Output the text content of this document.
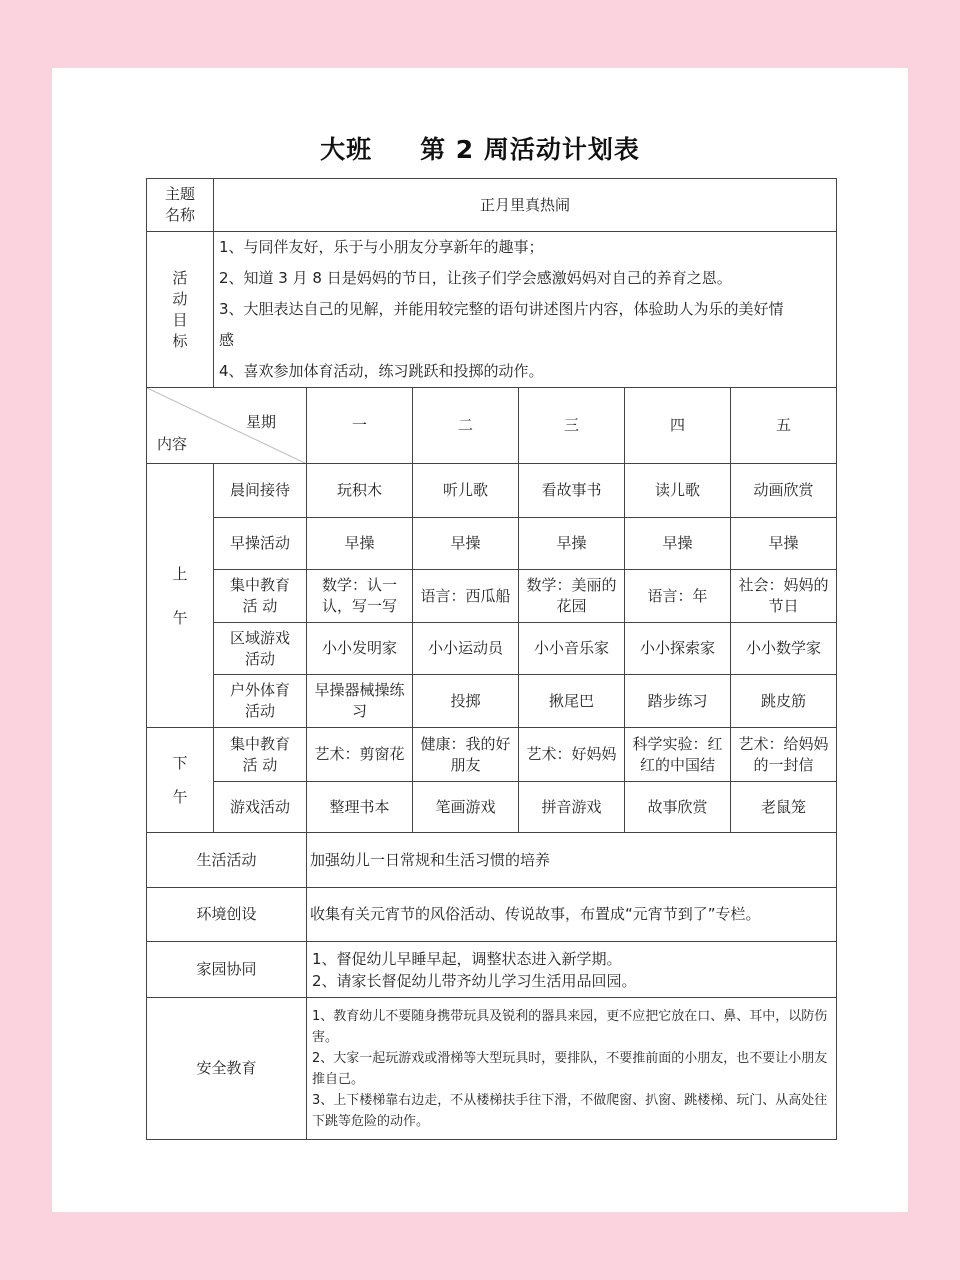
大班 第 2 周活动计划表
主题名称	正月里真热闹					

活动目标	1、与同伴友好，乐于与小朋友分享新年的趣事；
2、知道 3 月 8 日是妈妈的节日，让孩子们学会感激妈妈对自己的养育之恩。
3、大胆表达自己的见解，并能用较完整的语句讲述图片内容，体验助人为乐的美好情
感
4、喜欢参加体育活动，练习跳跃和投掷的动作。					

星期
内容		一	二	三	四	五

上午	晨间接待	玩积木	听儿歌	看故事书	读儿歌	动画欣赏
	早操活动	早操	早操	早操	早操	早操

	集中教育活 动	数学：认一认，写一写	语言：西瓜船	数学：美丽的花园	语言：年	社会：妈妈的节日

	区域游戏活动	小小发明家	小小运动员	小小音乐家	小小探索家	小小数学家

	户外体育活动	早操器械操练习	投掷	揪尾巴	踏步练习	跳皮筋

下午	集中教育活 动	艺术：剪窗花	健康：我的好朋友	艺术：好妈妈	科学实验：红红的中国结	艺术：给妈妈的一封信
	游戏活动	整理书本	笔画游戏	拼音游戏	故事欣赏	老鼠笼
生活活动		加强幼儿一日常规和生活习惯的培养				
环境创设		收集有关元宵节的风俗活动、传说故事，布置成“元宵节到了”专栏。				
家园协同		1、督促幼儿早睡早起，调整状态进入新学期。
2、请家长督促幼儿带齐幼儿学习生活用品回园。				

安全教育		1、教育幼儿不要随身携带玩具及锐利的器具来园，更不应把它放在口、鼻、耳中，以防伤害。
2、大家一起玩游戏或滑梯等大型玩具时，要排队，不要推前面的小朋友，也不要让小朋友推自己。
3、上下楼梯靠右边走，不从楼梯扶手往下滑，不做爬窗、扒窗、跳楼梯、玩门、从高处往下跳等危险的动作。				
